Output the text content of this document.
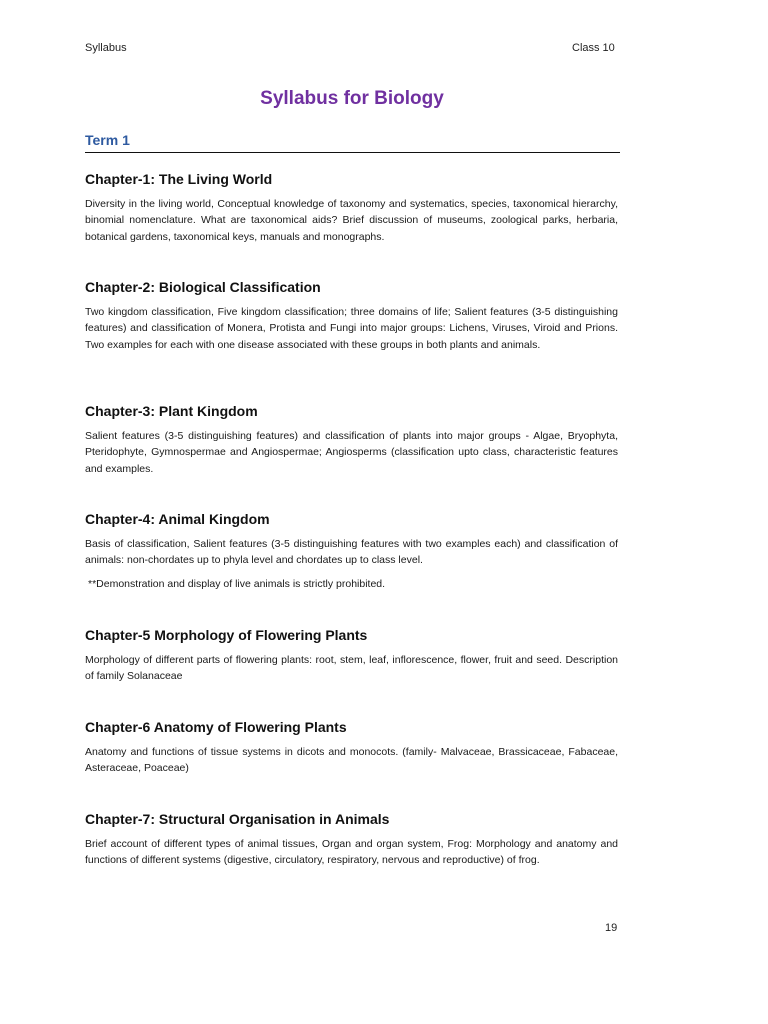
Syllabus	Class 10
Syllabus for Biology
Term 1
Chapter-1: The Living World

Diversity in the living world, Conceptual knowledge of taxonomy and systematics, species, taxonomical hierarchy, binomial nomenclature. What are taxonomical aids? Brief discussion of museums, zoological parks, herbaria, botanical gardens, taxonomical keys, manuals and monographs.

Chapter-2: Biological Classification

Two kingdom classification, Five kingdom classification; three domains of life; Salient features (3-5 distinguishing features) and classification of Monera, Protista and Fungi into major groups: Lichens, Viruses, Viroid and Prions. Two examples for each with one disease associated with these groups in both plants and animals.

Chapter-3: Plant Kingdom

Salient features (3-5 distinguishing features) and classification of plants into major groups - Algae, Bryophyta, Pteridophyte, Gymnospermae and Angiospermae; Angiosperms (classification upto class, characteristic features and examples.

Chapter-4: Animal Kingdom

Basis of classification, Salient features (3-5 distinguishing features with two examples each) and classification of animals: non-chordates up to phyla level and chordates up to class level.

**Demonstration and display of live animals is strictly prohibited.

Chapter-5 Morphology of Flowering Plants

Morphology of different parts of flowering plants: root, stem, leaf, inflorescence, flower, fruit and seed. Description of family Solanaceae

Chapter-6 Anatomy of Flowering Plants

Anatomy and functions of tissue systems in dicots and monocots. (family- Malvaceae, Brassicaceae, Fabaceae, Asteraceae, Poaceae)

Chapter-7: Structural Organisation in Animals

Brief account of different types of animal tissues, Organ and organ system, Frog: Morphology and anatomy and functions of different systems (digestive, circulatory, respiratory, nervous and reproductive) of frog.

19
